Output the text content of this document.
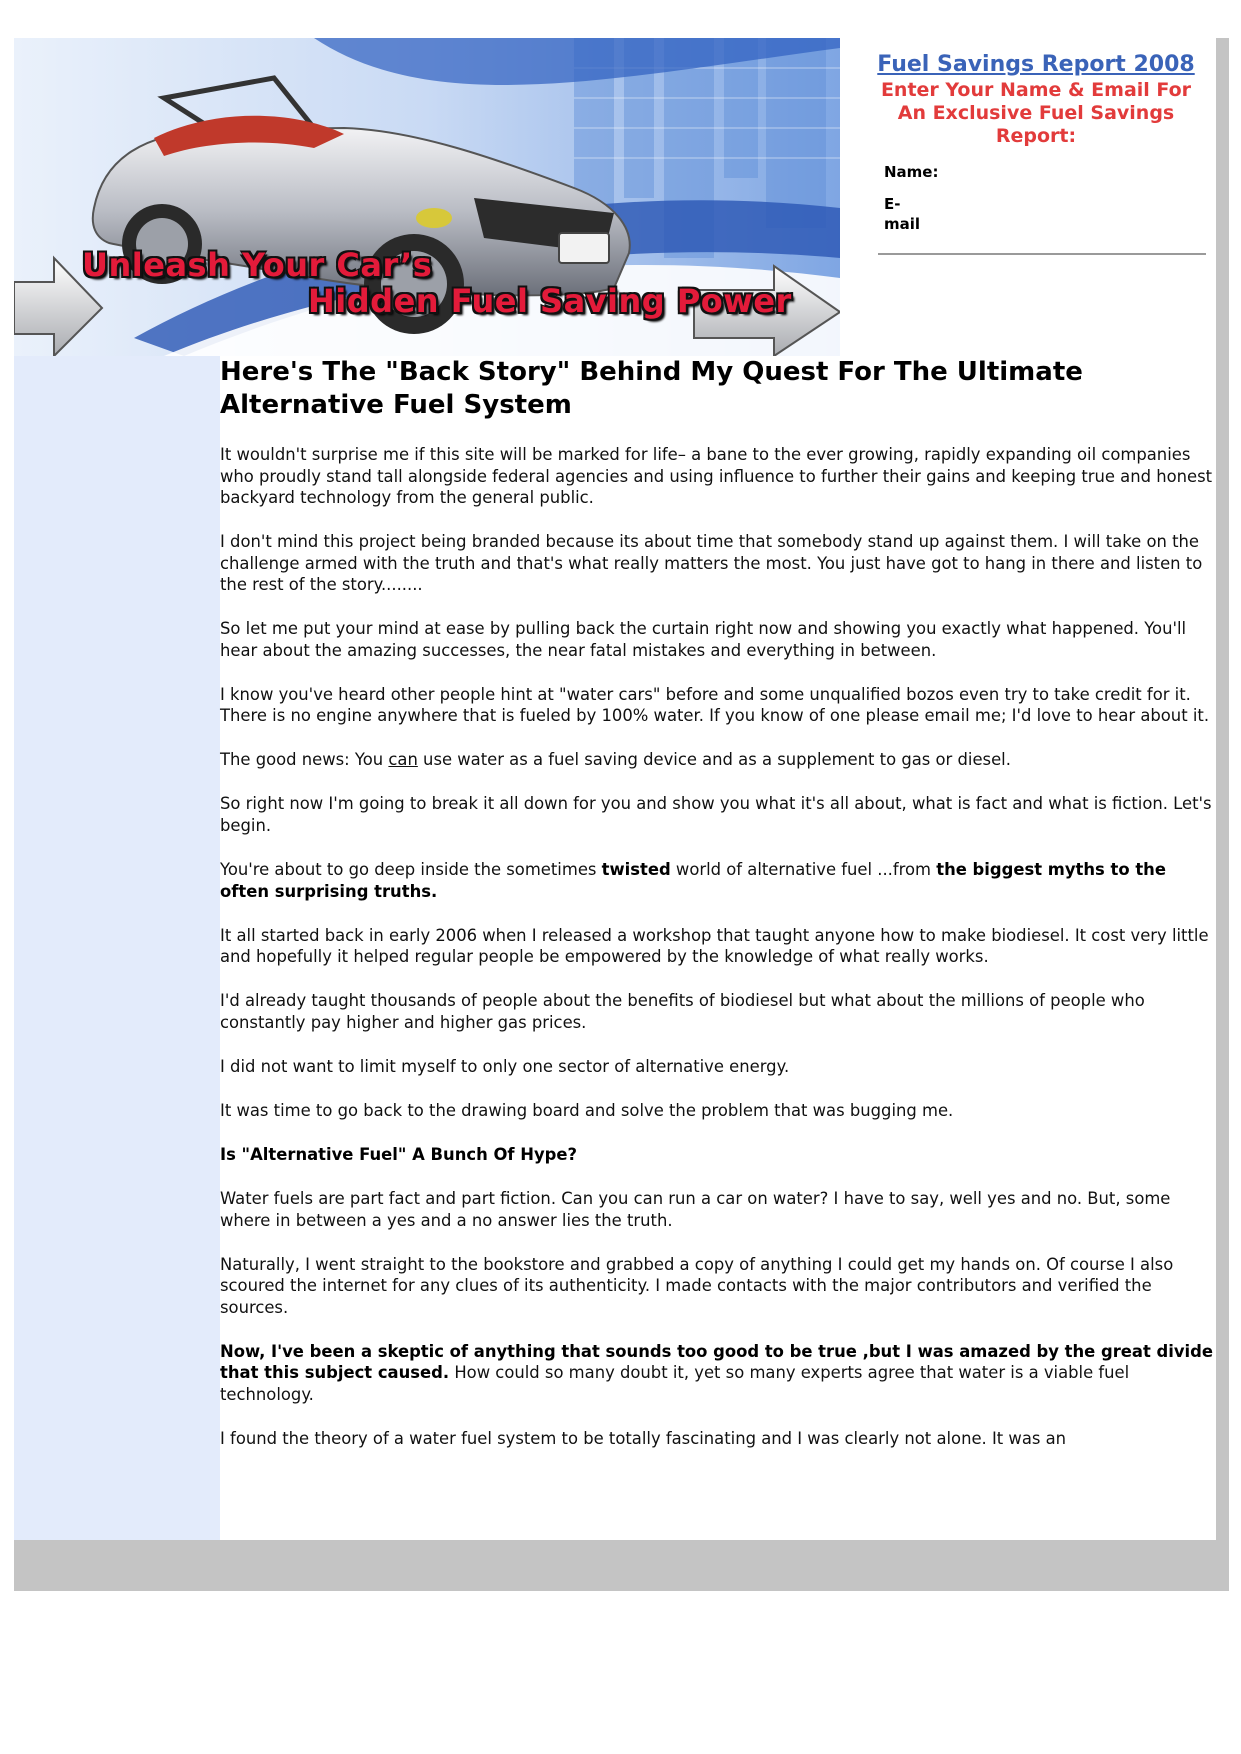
Unleash Your Car’s
Hidden Fuel Saving Power
Fuel Savings Report 2008
Enter Your Name & Email For An Exclusive Fuel Savings Report:
Name:
E-mail
Here's The "Back Story" Behind My Quest For The Ultimate Alternative Fuel System

It wouldn't surprise me if this site will be marked for life– a bane to the ever growing, rapidly expanding oil companies who proudly stand tall alongside federal agencies and using influence to further their gains and keeping true and honest backyard technology from the general public.

I don't mind this project being branded because its about time that somebody stand up against them. I will take on the challenge armed with the truth and that's what really matters the most. You just have got to hang in there and listen to the rest of the story........

So let me put your mind at ease by pulling back the curtain right now and showing you exactly what happened. You'll hear about the amazing successes, the near fatal mistakes and everything in between.

I know you've heard other people hint at "water cars" before and some unqualified bozos even try to take credit for it. There is no engine anywhere that is fueled by 100% water. If you know of one please email me; I'd love to hear about it.

The good news: You can use water as a fuel saving device and as a supplement to gas or diesel.

So right now I'm going to break it all down for you and show you what it's all about, what is fact and what is fiction. Let's begin.

You're about to go deep inside the sometimes twisted world of alternative fuel ...from the biggest myths to the often surprising truths.

It all started back in early 2006 when I released a workshop that taught anyone how to make biodiesel. It cost very little and hopefully it helped regular people be empowered by the knowledge of what really works.

I'd already taught thousands of people about the benefits of biodiesel but what about the millions of people who constantly pay higher and higher gas prices.

I did not want to limit myself to only one sector of alternative energy.

It was time to go back to the drawing board and solve the problem that was bugging me.

Is "Alternative Fuel" A Bunch Of Hype?

Water fuels are part fact and part fiction. Can you can run a car on water? I have to say, well yes and no. But, some where in between a yes and a no answer lies the truth.

Naturally, I went straight to the bookstore and grabbed a copy of anything I could get my hands on. Of course I also scoured the internet for any clues of its authenticity. I made contacts with the major contributors and verified the sources.

Now, I've been a skeptic of anything that sounds too good to be true ,but I was amazed by the great divide that this subject caused. How could so many doubt it, yet so many experts agree that water is a viable fuel technology.

I found the theory of a water fuel system to be totally fascinating and I was clearly not alone. It was an
